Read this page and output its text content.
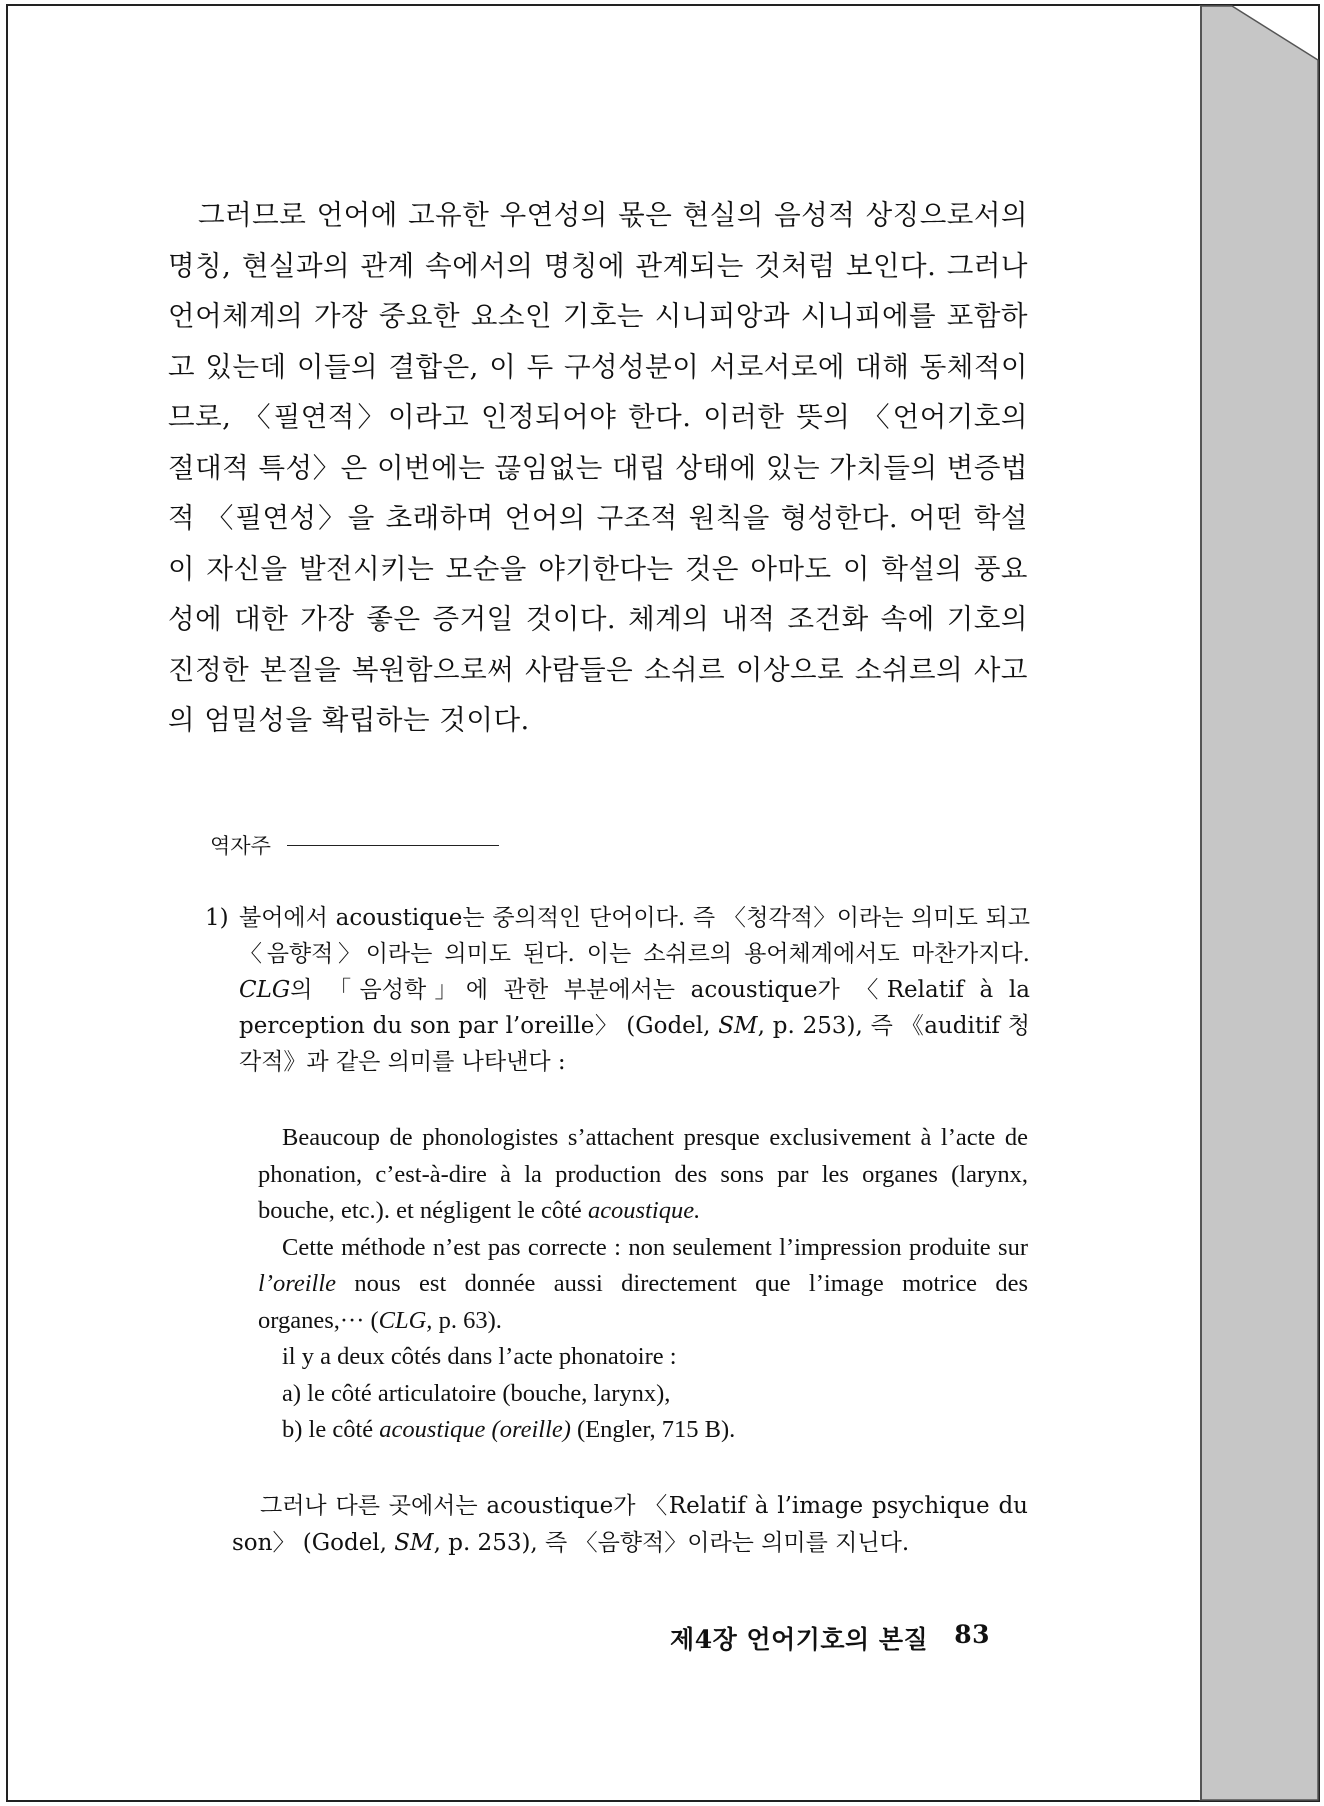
그러므로 언어에 고유한 우연성의 몫은 현실의 음성적 상징으로서의 명칭, 현실과의 관계 속에서의 명칭에 관계되는 것처럼 보인다. 그러나 언어체계의 가장 중요한 요소인 기호는 시니피앙과 시니피에를 포함하고 있는데 이들의 결합은, 이 두 구성성분이 서로서로에 대해 동체적이므로, 〈필연적〉이라고 인정되어야 한다. 이러한 뜻의 〈언어기호의 절대적 특성〉은 이번에는 끊임없는 대립 상태에 있는 가치들의 변증법적 〈필연성〉을 초래하며 언어의 구조적 원칙을 형성한다. 어떤 학설이 자신을 발전시키는 모순을 야기한다는 것은 아마도 이 학설의 풍요성에 대한 가장 좋은 증거일 것이다. 체계의 내적 조건화 속에 기호의 진정한 본질을 복원함으로써 사람들은 소쉬르 이상으로 소쉬르의 사고의 엄밀성을 확립하는 것이다.

역자주
1) 불어에서 acoustique는 중의적인 단어이다. 즉 〈청각적〉이라는 의미도 되고 〈음향적〉이라는 의미도 된다. 이는 소쉬르의 용어체계에서도 마찬가지다. CLG의 「음성학」에 관한 부분에서는 acoustique가 〈Relatif à la perception du son par l’oreille〉 (Godel, SM, p. 253), 즉 《auditif 청각적》과 같은 의미를 나타낸다 :

Beaucoup de phonologistes s’attachent presque exclusivement à l’acte de phonation, c’est-à-dire à la production des sons par les organes (larynx, bouche, etc.). et négligent le côté acoustique.

Cette méthode n’est pas correcte : non seulement l’impression produite sur l’oreille nous est donnée aussi directement que l’image motrice des organes,··· (CLG, p. 63).

il y a deux côtés dans l’acte phonatoire :

a) le côté articulatoire (bouche, larynx),

b) le côté acoustique (oreille) (Engler, 715 B).

그러나 다른 곳에서는 acoustique가 〈Relatif à l’image psychique du son〉 (Godel, SM, p. 253), 즉 〈음향적〉이라는 의미를 지닌다.

제4장 언어기호의 본질 83
